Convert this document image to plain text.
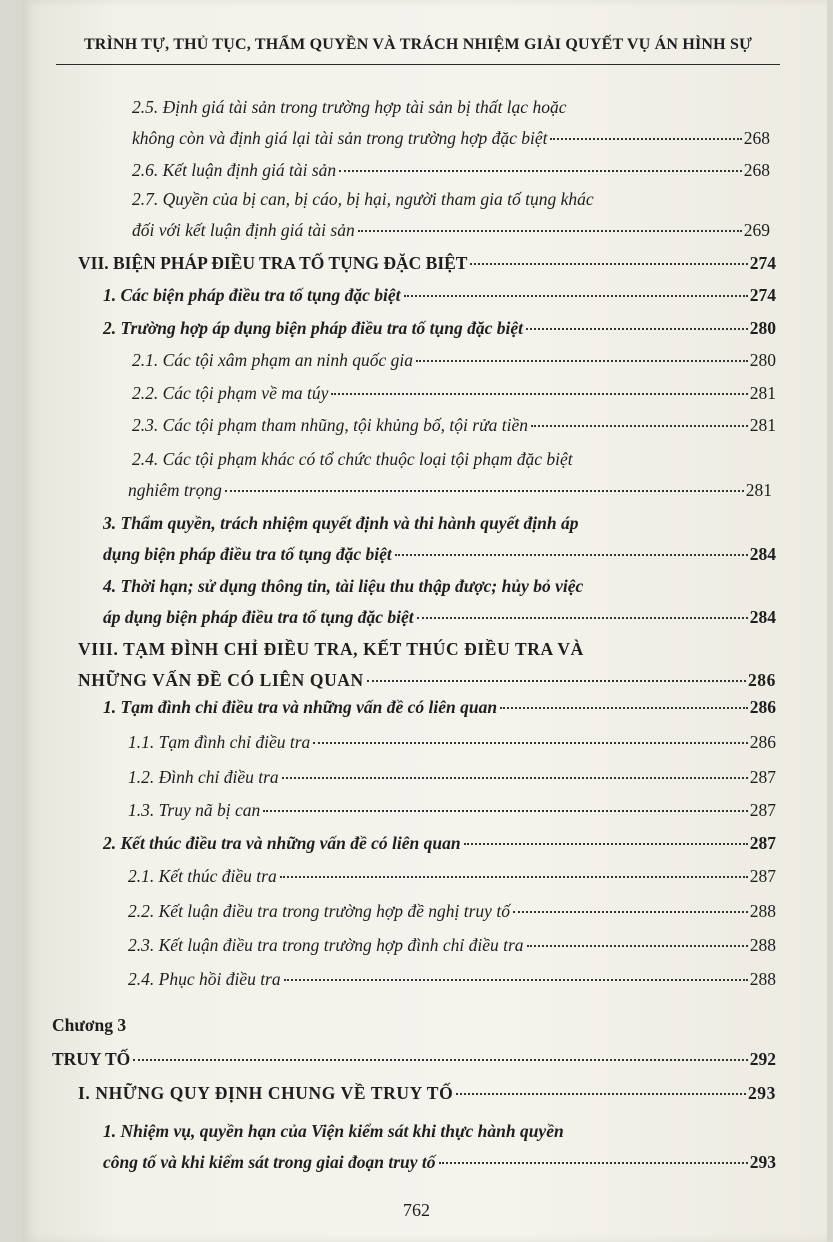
TRÌNH TỰ, THỦ TỤC, THẨM QUYỀN VÀ TRÁCH NHIỆM GIẢI QUYẾT VỤ ÁN HÌNH SỰ
2.5. Định giá tài sản trong trường hợp tài sản bị thất lạc hoặc
không còn và định giá lại tài sản trong trường hợp đặc biệt	268
2.6. Kết luận định giá tài sản	268
2.7. Quyền của bị can, bị cáo, bị hại, người tham gia tố tụng khác
đối với kết luận định giá tài sản	269
VII. BIỆN PHÁP ĐIỀU TRA TỐ TỤNG ĐẶC BIỆT	274
1. Các biện pháp điều tra tố tụng đặc biệt	274
2. Trường hợp áp dụng biện pháp điều tra tố tụng đặc biệt	280
2.1. Các tội xâm phạm an ninh quốc gia	280
2.2. Các tội phạm về ma túy	281
2.3. Các tội phạm tham nhũng, tội khủng bố, tội rửa tiền	281
2.4. Các tội phạm khác có tổ chức thuộc loại tội phạm đặc biệt
nghiêm trọng	281
3. Thẩm quyền, trách nhiệm quyết định và thi hành quyết định áp
dụng biện pháp điều tra tố tụng đặc biệt	284
4. Thời hạn; sử dụng thông tin, tài liệu thu thập được; hủy bỏ việc
áp dụng biện pháp điều tra tố tụng đặc biệt	284
VIII. TẠM ĐÌNH CHỈ ĐIỀU TRA, KẾT THÚC ĐIỀU TRA VÀ
NHỮNG VẤN ĐỀ CÓ LIÊN QUAN	286
1. Tạm đình chỉ điều tra và những vấn đề có liên quan	286
1.1. Tạm đình chỉ điều tra	286
1.2. Đình chỉ điều tra	287
1.3. Truy nã bị can	287
2. Kết thúc điều tra và những vấn đề có liên quan	287
2.1. Kết thúc điều tra	287
2.2. Kết luận điều tra trong trường hợp đề nghị truy tố	288
2.3. Kết luận điều tra trong trường hợp đình chỉ điều tra	288
2.4. Phục hồi điều tra	288
Chương 3
TRUY TỐ	292
I. NHỮNG QUY ĐỊNH CHUNG VỀ TRUY TỐ	293
1. Nhiệm vụ, quyền hạn của Viện kiểm sát khi thực hành quyền
công tố và khi kiểm sát trong giai đoạn truy tố	293
762
